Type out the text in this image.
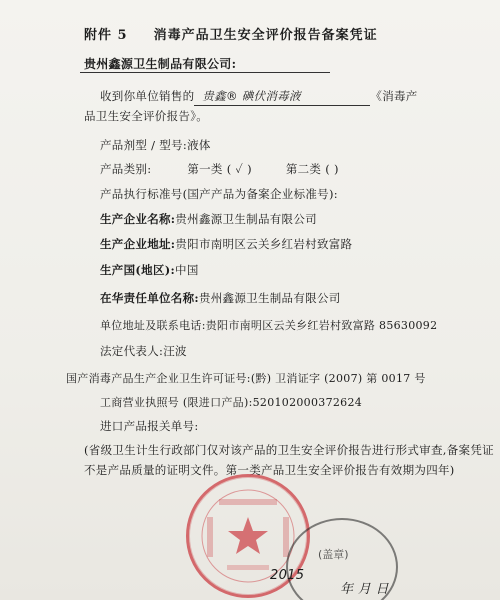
附件 5 消毒产品卫生安全评价报告备案凭证
贵州鑫源卫生制品有限公司:
收到你单位销售的 贵鑫® 碘伏消毒液	《消毒产
品卫生安全评价报告》。
产品剂型 / 型号:液体
产品类别:	第一类 ( ✓ )	第二类 ( )
产品执行标准号(国产产品为备案企业标准号):
生产企业名称:贵州鑫源卫生制品有限公司
生产企业地址:贵阳市南明区云关乡红岩村致富路
生产国(地区):中国
在华责任单位名称:贵州鑫源卫生制品有限公司
单位地址及联系电话:贵阳市南明区云关乡红岩村致富路 85630092
法定代表人:汪波
国产消毒产品生产企业卫生许可证号:(黔) 卫消证字 (2007) 第 0017 号
工商营业执照号 (限进口产品):520102000372624
进口产品报关单号:
(省级卫生计生行政部门仅对该产品的卫生安全评价报告进行形式审查,备案凭证不是产品质量的证明文件。第一类产品卫生安全评价报告有效期为四年)
(盖章)
2015
年 月 日
